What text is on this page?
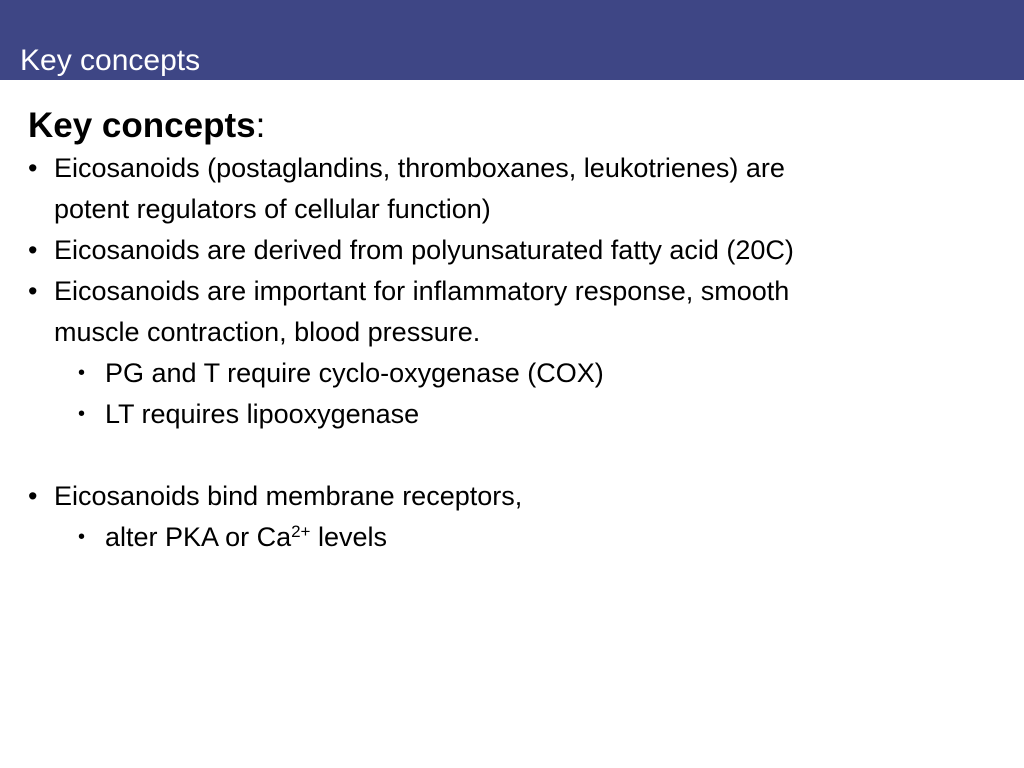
Key concepts
Key concepts:
• Eicosanoids (postaglandins, thromboxanes, leukotrienes) are
potent regulators of cellular function)
• Eicosanoids are derived from polyunsaturated fatty acid (20C)
• Eicosanoids are important for inflammatory response, smooth
muscle contraction, blood pressure.
• PG and T require cyclo-oxygenase (COX)
• LT requires lipooxygenase
• Eicosanoids bind membrane receptors,
• alter PKA or $Ca^{2+}$ levels
